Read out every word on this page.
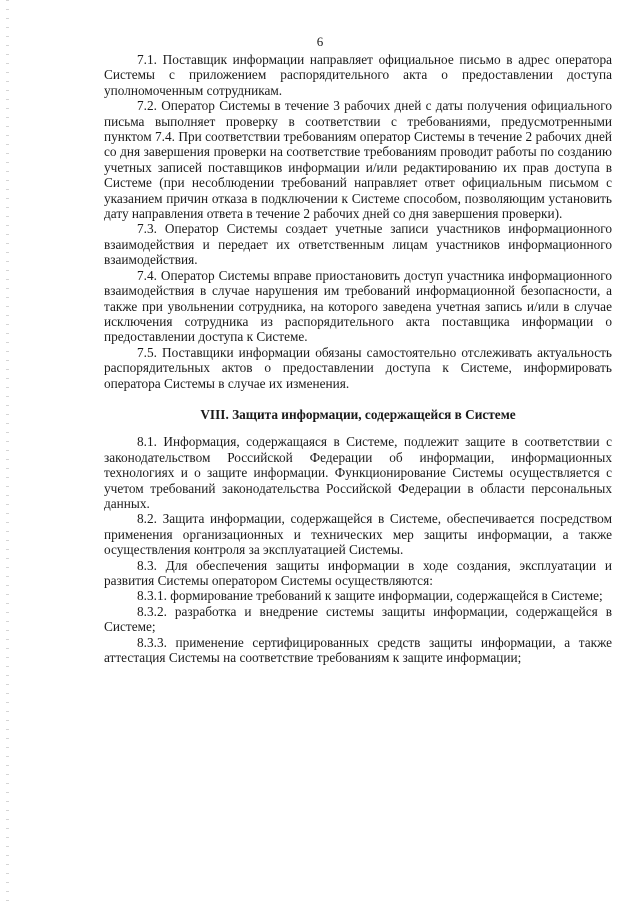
6

7.1. Поставщик информации направляет официальное письмо в адрес оператора Системы с приложением распорядительного акта о предоставлении доступа уполномоченным сотрудникам.

7.2. Оператор Системы в течение 3 рабочих дней с даты получения официального письма выполняет проверку в соответствии с требованиями, предусмотренными пунктом 7.4. При соответствии требованиям оператор Системы в течение 2 рабочих дней со дня завершения проверки на соответствие требованиям проводит работы по созданию учетных записей поставщиков информации и/или редактированию их прав доступа в Системе (при несоблюдении требований направляет ответ официальным письмом с указанием причин отказа в подключении к Системе способом, позволяющим установить дату направления ответа в течение 2 рабочих дней со дня завершения проверки).

7.3. Оператор Системы создает учетные записи участников информационного взаимодействия и передает их ответственным лицам участников информационного взаимодействия.

7.4. Оператор Системы вправе приостановить доступ участника информационного взаимодействия в случае нарушения им требований информационной безопасности, а также при увольнении сотрудника, на которого заведена учетная запись и/или в случае исключения сотрудника из распорядительного акта поставщика информации о предоставлении доступа к Системе.

7.5. Поставщики информации обязаны самостоятельно отслеживать актуальность распорядительных актов о предоставлении доступа к Системе, информировать оператора Системы в случае их изменения.

VIII. Защита информации, содержащейся в Системе

8.1. Информация, содержащаяся в Системе, подлежит защите в соответствии с законодательством Российской Федерации об информации, информационных технологиях и о защите информации. Функционирование Системы осуществляется с учетом требований законодательства Российской Федерации в области персональных данных.

8.2. Защита информации, содержащейся в Системе, обеспечивается посредством применения организационных и технических мер защиты информации, а также осуществления контроля за эксплуатацией Системы.

8.3. Для обеспечения защиты информации в ходе создания, эксплуатации и развития Системы оператором Системы осуществляются:

8.3.1. формирование требований к защите информации, содержащейся в Системе;

8.3.2. разработка и внедрение системы защиты информации, содержащейся в Системе;

8.3.3. применение сертифицированных средств защиты информации, а также аттестация Системы на соответствие требованиям к защите информации;
